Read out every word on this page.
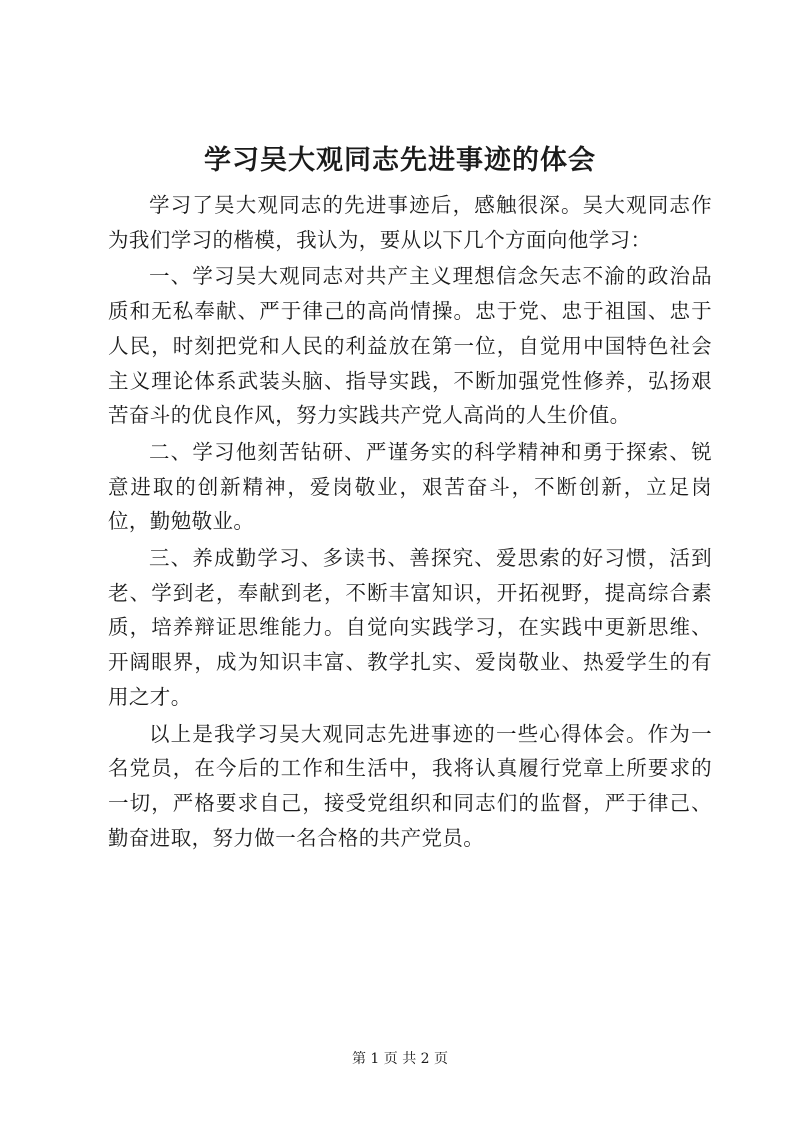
学习吴大观同志先进事迹的体会

学习了吴大观同志的先进事迹后，感触很深。吴大观同志作为我们学习的楷模，我认为，要从以下几个方面向他学习：

一、学习吴大观同志对共产主义理想信念矢志不渝的政治品质和无私奉献、严于律己的高尚情操。忠于党、忠于祖国、忠于人民，时刻把党和人民的利益放在第一位，自觉用中国特色社会主义理论体系武装头脑、指导实践，不断加强党性修养，弘扬艰苦奋斗的优良作风，努力实践共产党人高尚的人生价值。

二、学习他刻苦钻研、严谨务实的科学精神和勇于探索、锐意进取的创新精神，爱岗敬业，艰苦奋斗，不断创新，立足岗位，勤勉敬业。

三、养成勤学习、多读书、善探究、爱思索的好习惯，活到老、学到老，奉献到老，不断丰富知识，开拓视野，提高综合素质，培养辩证思维能力。自觉向实践学习，在实践中更新思维、开阔眼界，成为知识丰富、教学扎实、爱岗敬业、热爱学生的有用之才。

以上是我学习吴大观同志先进事迹的一些心得体会。作为一名党员，在今后的工作和生活中，我将认真履行党章上所要求的一切，严格要求自己，接受党组织和同志们的监督，严于律己、勤奋进取，努力做一名合格的共产党员。

第 1 页 共 2 页
